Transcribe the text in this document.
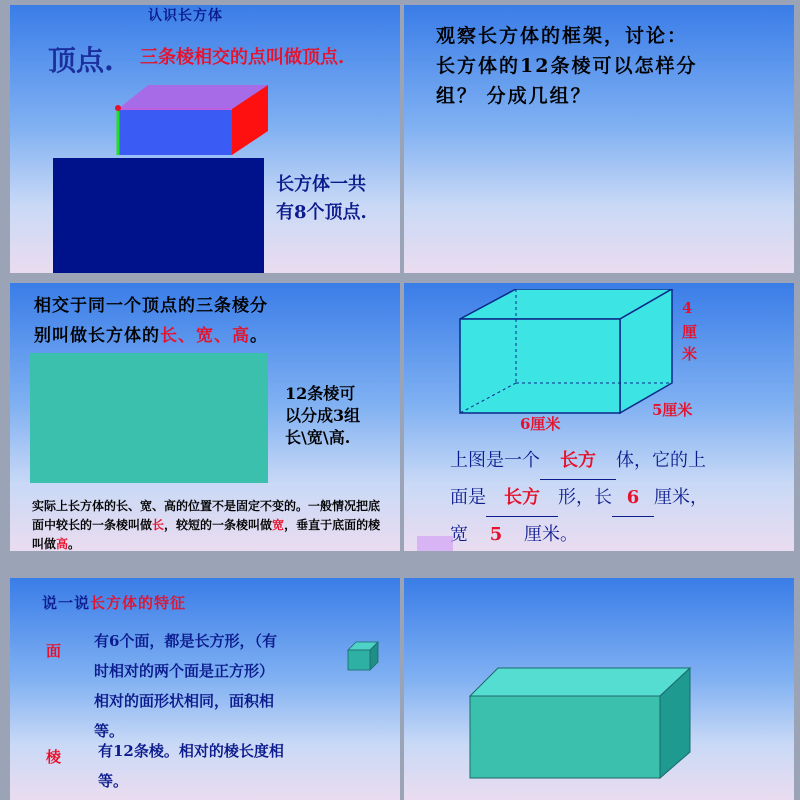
认识长方体
顶点. 三条棱相交的点叫做顶点.
长方体一共
有8个顶点.
观察长方体的框架，讨论：
长方体的12条棱可以怎样分
组？ 分成几组？
相交于同一个顶点的三条棱分
别叫做长方体的长、宽、高。
12条棱可
以分成3组
长\宽\高.
实际上长方体的长、宽、高的位置不是固定不变的。一般情况把底面中较长的一条棱叫做长，较短的一条棱叫做宽，垂直于底面的棱叫做高。
4
厘
米
5厘米
6厘米
上图是一个 长方 体，它的上
面是 长方 形，长 6 厘米，
宽 5 厘米。
说一说长方体的特征
面
有6个面，都是长方形，（有
时相对的两个面是正方形）
相对的面形状相同，面积相
等。
棱 有12条棱。相对的棱长度相
等。
